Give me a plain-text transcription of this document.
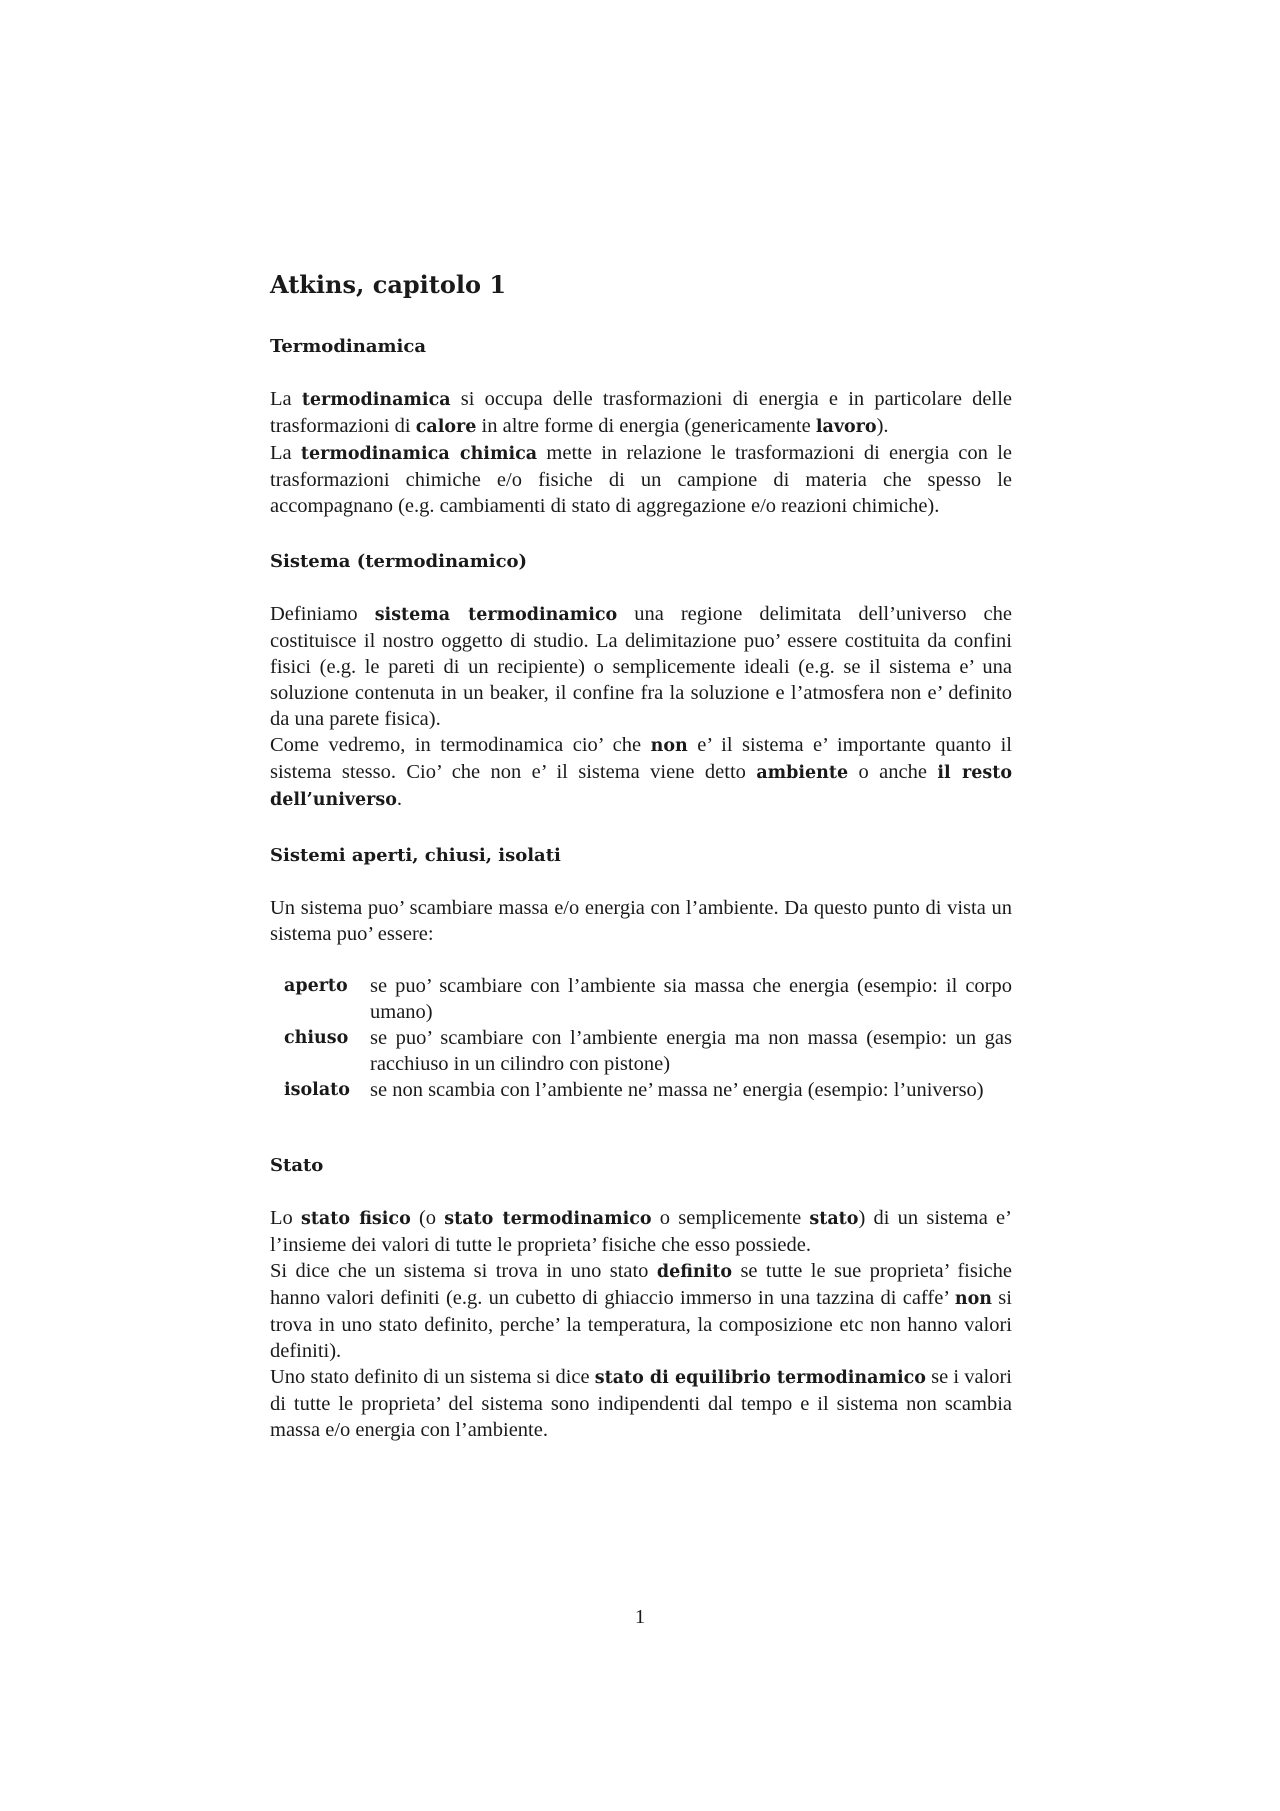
Atkins, capitolo 1
Termodinamica

La termodinamica si occupa delle trasformazioni di energia e in particolare delle trasformazioni di calore in altre forme di energia (genericamente lavoro).
La termodinamica chimica mette in relazione le trasformazioni di energia con le trasformazioni chimiche e/o fisiche di un campione di materia che spesso le accompagnano (e.g. cambiamenti di stato di aggregazione e/o reazioni chimiche).

Sistema (termodinamico)

Definiamo sistema termodinamico una regione delimitata dell’universo che costituisce il nostro oggetto di studio. La delimitazione puo’ essere costituita da confini fisici (e.g. le pareti di un recipiente) o semplicemente ideali (e.g. se il sistema e’ una soluzione contenuta in un beaker, il confine fra la soluzione e l’atmosfera non e’ definito da una parete fisica).
Come vedremo, in termodinamica cio’ che non e’ il sistema e’ importante quanto il sistema stesso. Cio’ che non e’ il sistema viene detto ambiente o anche il resto dell’universo.

Sistemi aperti, chiusi, isolati

Un sistema puo’ scambiare massa e/o energia con l’ambiente. Da questo punto di vista un sistema puo’ essere:

aperto	se puo’ scambiare con l’ambiente sia massa che energia (esempio: il corpo umano)
chiuso	se puo’ scambiare con l’ambiente energia ma non massa (esempio: un gas racchiuso in un cilindro con pistone)
isolato se non scambia con l’ambiente ne’ massa ne’ energia (esempio: l’universo)
Stato

Lo stato fisico (o stato termodinamico o semplicemente stato) di un sistema e’ l’insieme dei valori di tutte le proprieta’ fisiche che esso possiede.
Si dice che un sistema si trova in uno stato definito se tutte le sue proprieta’ fisiche hanno valori definiti (e.g. un cubetto di ghiaccio immerso in una tazzina di caffe’ non si trova in uno stato definito, perche’ la temperatura, la composizione etc non hanno valori definiti).
Uno stato definito di un sistema si dice stato di equilibrio termodinamico se i valori di tutte le proprieta’ del sistema sono indipendenti dal tempo e il sistema non scambia massa e/o energia con l’ambiente.

1
